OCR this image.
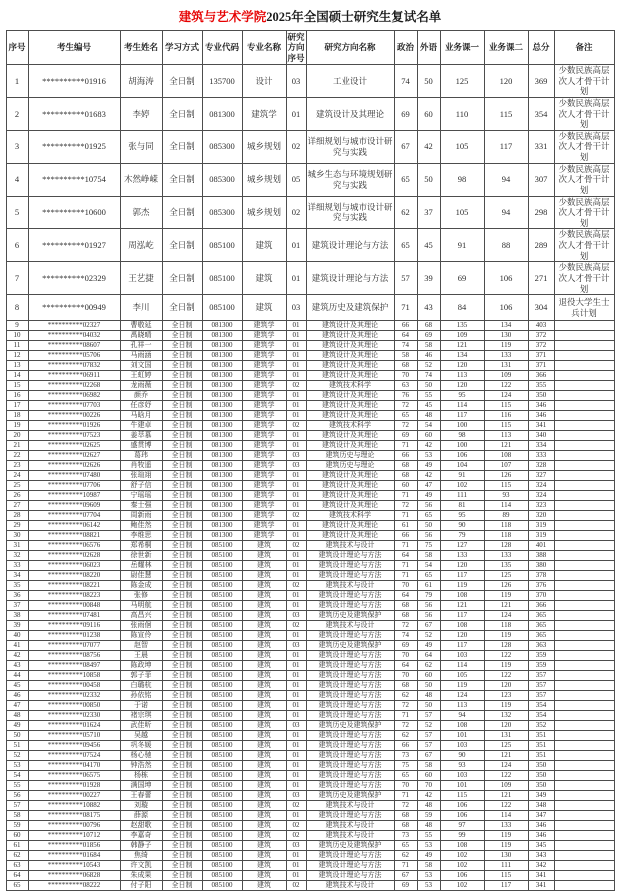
建筑与艺术学院2025年全国硕士研究生复试名单
序号	考生编号	考生姓名	学习方式	专业代码	专业名称	研究方向序号	研究方向名称	政治	外语	业务课一	业务课二	总分	备注
1	**********01916	胡海涛	全日制	135700	设计	03	工业设计	74	50	125	120	369	少数民族高层次人才骨干计划
2	**********01683	李婷	全日制	081300	建筑学	01	建筑设计及其理论	69	60	110	115	354	少数民族高层次人才骨干计划
3	**********01925	张与同	全日制	085300	城乡规划	02	详细规划与城市设计研究与实践	67	42	105	117	331	少数民族高层次人才骨干计划
4	**********10754	木然峥嵘	全日制	085300	城乡规划	05	城乡生态与环境规划研究与实践	65	50	98	94	307	少数民族高层次人才骨干计划
5	**********10600	郭杰	全日制	085300	城乡规划	02	详细规划与城市设计研究与实践	62	37	105	94	298	少数民族高层次人才骨干计划
6	**********01927	周泓屹	全日制	085100	建筑	01	建筑设计理论与方法	65	45	91	88	289	少数民族高层次人才骨干计划
7	**********02329	王艺捷	全日制	085100	建筑	01	建筑设计理论与方法	57	39	69	106	271	少数民族高层次人才骨干计划
8	**********00949	李川	全日制	085100	建筑	03	建筑历史及建筑保护	71	43	84	106	304	退役大学生士兵计划
9	**********02327	曹敬延	全日制	081300	建筑学	01	建筑设计及其理论	66	68	135	134	403	
10	**********04032	禹晓晴	全日制	081300	建筑学	01	建筑设计及其理论	64	69	109	130	372	
11	**********08607	孔祥一	全日制	081300	建筑学	01	建筑设计及其理论	74	58	121	119	372	
12	**********05706	马雨涵	全日制	081300	建筑学	01	建筑设计及其理论	58	46	134	133	371	
13	**********07832	刘文国	全日制	081300	建筑学	01	建筑设计及其理论	68	52	120	131	371	
14	**********06911	王虹婷	全日制	081300	建筑学	01	建筑设计及其理论	70	74	113	109	366	
15	**********02268	龙雨薇	全日制	081300	建筑学	02	建筑技术科学	63	50	120	122	355	
16	**********06982	颜乔	全日制	081300	建筑学	01	建筑设计及其理论	76	55	95	124	350	
17	**********07703	任彦妤	全日制	081300	建筑学	01	建筑设计及其理论	72	45	114	115	346	
18	**********00226	马晗月	全日制	081300	建筑学	01	建筑设计及其理论	65	48	117	116	346	
19	**********01926	牛建卓	全日制	081300	建筑学	02	建筑技术科学	72	54	100	115	341	
20	**********07523	姜萃慕	全日制	081300	建筑学	01	建筑设计及其理论	69	60	98	113	340	
21	**********02625	盛贯博	全日制	081300	建筑学	01	建筑设计及其理论	71	42	100	121	334	
22	**********02627	葛玮	全日制	081300	建筑学	03	建筑历史与理论	66	53	106	108	333	
23	**********02626	肖牧遥	全日制	081300	建筑学	03	建筑历史与理论	68	49	104	107	328	
24	**********07480	张瑄翊	全日制	081300	建筑学	01	建筑设计及其理论	68	42	91	126	327	
25	**********07706	舒子信	全日制	081300	建筑学	01	建筑设计及其理论	60	47	102	115	324	
26	**********10987	宁瑶瑶	全日制	081300	建筑学	01	建筑设计及其理论	71	49	111	93	324	
27	**********09609	秦士强	全日制	081300	建筑学	01	建筑设计及其理论	72	56	81	114	323	
28	**********07704	周新雨	全日制	081300	建筑学	02	建筑技术科学	71	65	95	89	320	
29	**********06142	鲍佳然	全日制	081300	建筑学	01	建筑设计及其理论	61	50	90	118	319	
30	**********08821	李维思	全日制	081300	建筑学	01	建筑设计及其理论	66	56	79	118	319	
31	**********06576	郑希桐	全日制	085100	建筑	02	建筑技术与设计	71	75	127	128	401	
32	**********02628	徐世新	全日制	085100	建筑	01	建筑设计理论与方法	64	58	133	133	388	
33	**********06023	岳耀林	全日制	085100	建筑	01	建筑设计理论与方法	71	54	120	135	380	
34	**********08220	尉佳慧	全日制	085100	建筑	01	建筑设计理论与方法	71	65	117	125	378	
35	**********08221	陈金成	全日制	085100	建筑	02	建筑技术与设计	70	61	119	126	376	
36	**********08223	张修	全日制	085100	建筑	01	建筑设计理论与方法	64	79	108	119	370	
37	**********00848	马明航	全日制	085100	建筑	01	建筑设计理论与方法	68	56	121	121	366	
38	**********07481	高昌兴	全日制	085100	建筑	03	建筑历史及建筑保护	68	56	117	124	365	
39	**********09116	张雨佪	全日制	085100	建筑	02	建筑技术与设计	72	67	108	118	365	
40	**********01238	陈宣伶	全日制	085100	建筑	01	建筑设计理论与方法	74	52	120	119	365	
41	**********07077	赵智	全日制	085100	建筑	03	建筑历史及建筑保护	69	49	117	128	363	
42	**********08756	王晨	全日制	085100	建筑	01	建筑设计理论与方法	70	64	103	122	359	
43	**********08497	陈政坤	全日制	085100	建筑	01	建筑设计理论与方法	64	62	114	119	359	
44	**********10858	郭子菲	全日制	085100	建筑	01	建筑设计理论与方法	70	60	105	122	357	
45	**********00458	白璐杭	全日制	085100	建筑	01	建筑设计理论与方法	68	50	119	120	357	
46	**********02332	孙依铭	全日制	085100	建筑	01	建筑设计理论与方法	62	48	124	123	357	
47	**********00850	于诺	全日制	085100	建筑	01	建筑设计理论与方法	72	50	113	119	354	
48	**********02330	褚宗琪	全日制	085100	建筑	01	建筑设计理论与方法	71	57	94	132	354	
49	**********01624	武佳昕	全日制	085100	建筑	03	建筑历史及建筑保护	72	52	108	120	352	
50	**********05710	吴越	全日制	085100	建筑	01	建筑设计理论与方法	62	57	101	131	351	
51	**********09456	巩冬媛	全日制	085100	建筑	01	建筑设计理论与方法	66	57	103	125	351	
52	**********07524	杨心驰	全日制	085100	建筑	01	建筑设计理论与方法	73	67	90	121	351	
53	**********04170	钟浩然	全日制	085100	建筑	01	建筑设计理论与方法	75	58	93	124	350	
54	**********06575	杨栋	全日制	085100	建筑	01	建筑设计理论与方法	65	60	103	122	350	
55	**********01928	满国坤	全日制	085100	建筑	01	建筑设计理论与方法	70	70	101	109	350	
56	**********00227	王春蕾	全日制	085100	建筑	03	建筑历史及建筑保护	71	42	115	121	349	
57	**********10882	刘璇	全日制	085100	建筑	02	建筑技术与设计	72	48	106	122	348	
58	**********08175	薛源	全日制	085100	建筑	01	建筑设计理论与方法	68	59	106	114	347	
59	**********00796	赵甜歌	全日制	085100	建筑	02	建筑技术与设计	68	48	97	133	346	
60	**********10712	李嘉奇	全日制	085100	建筑	02	建筑技术与设计	73	55	99	119	346	
61	**********01856	韩静子	全日制	085100	建筑	03	建筑历史及建筑保护	65	53	108	119	345	
62	**********01684	焦绮	全日制	085100	建筑	01	建筑设计理论与方法	62	49	102	130	343	
63	**********10543	许文凯	全日制	085100	建筑	01	建筑设计理论与方法	71	58	102	111	342	
64	**********06828	朱成果	全日制	085100	建筑	01	建筑设计理论与方法	67	53	106	115	341	
65	**********08222	付子阳	全日制	085100	建筑	02	建筑技术与设计	69	53	102	117	341	
